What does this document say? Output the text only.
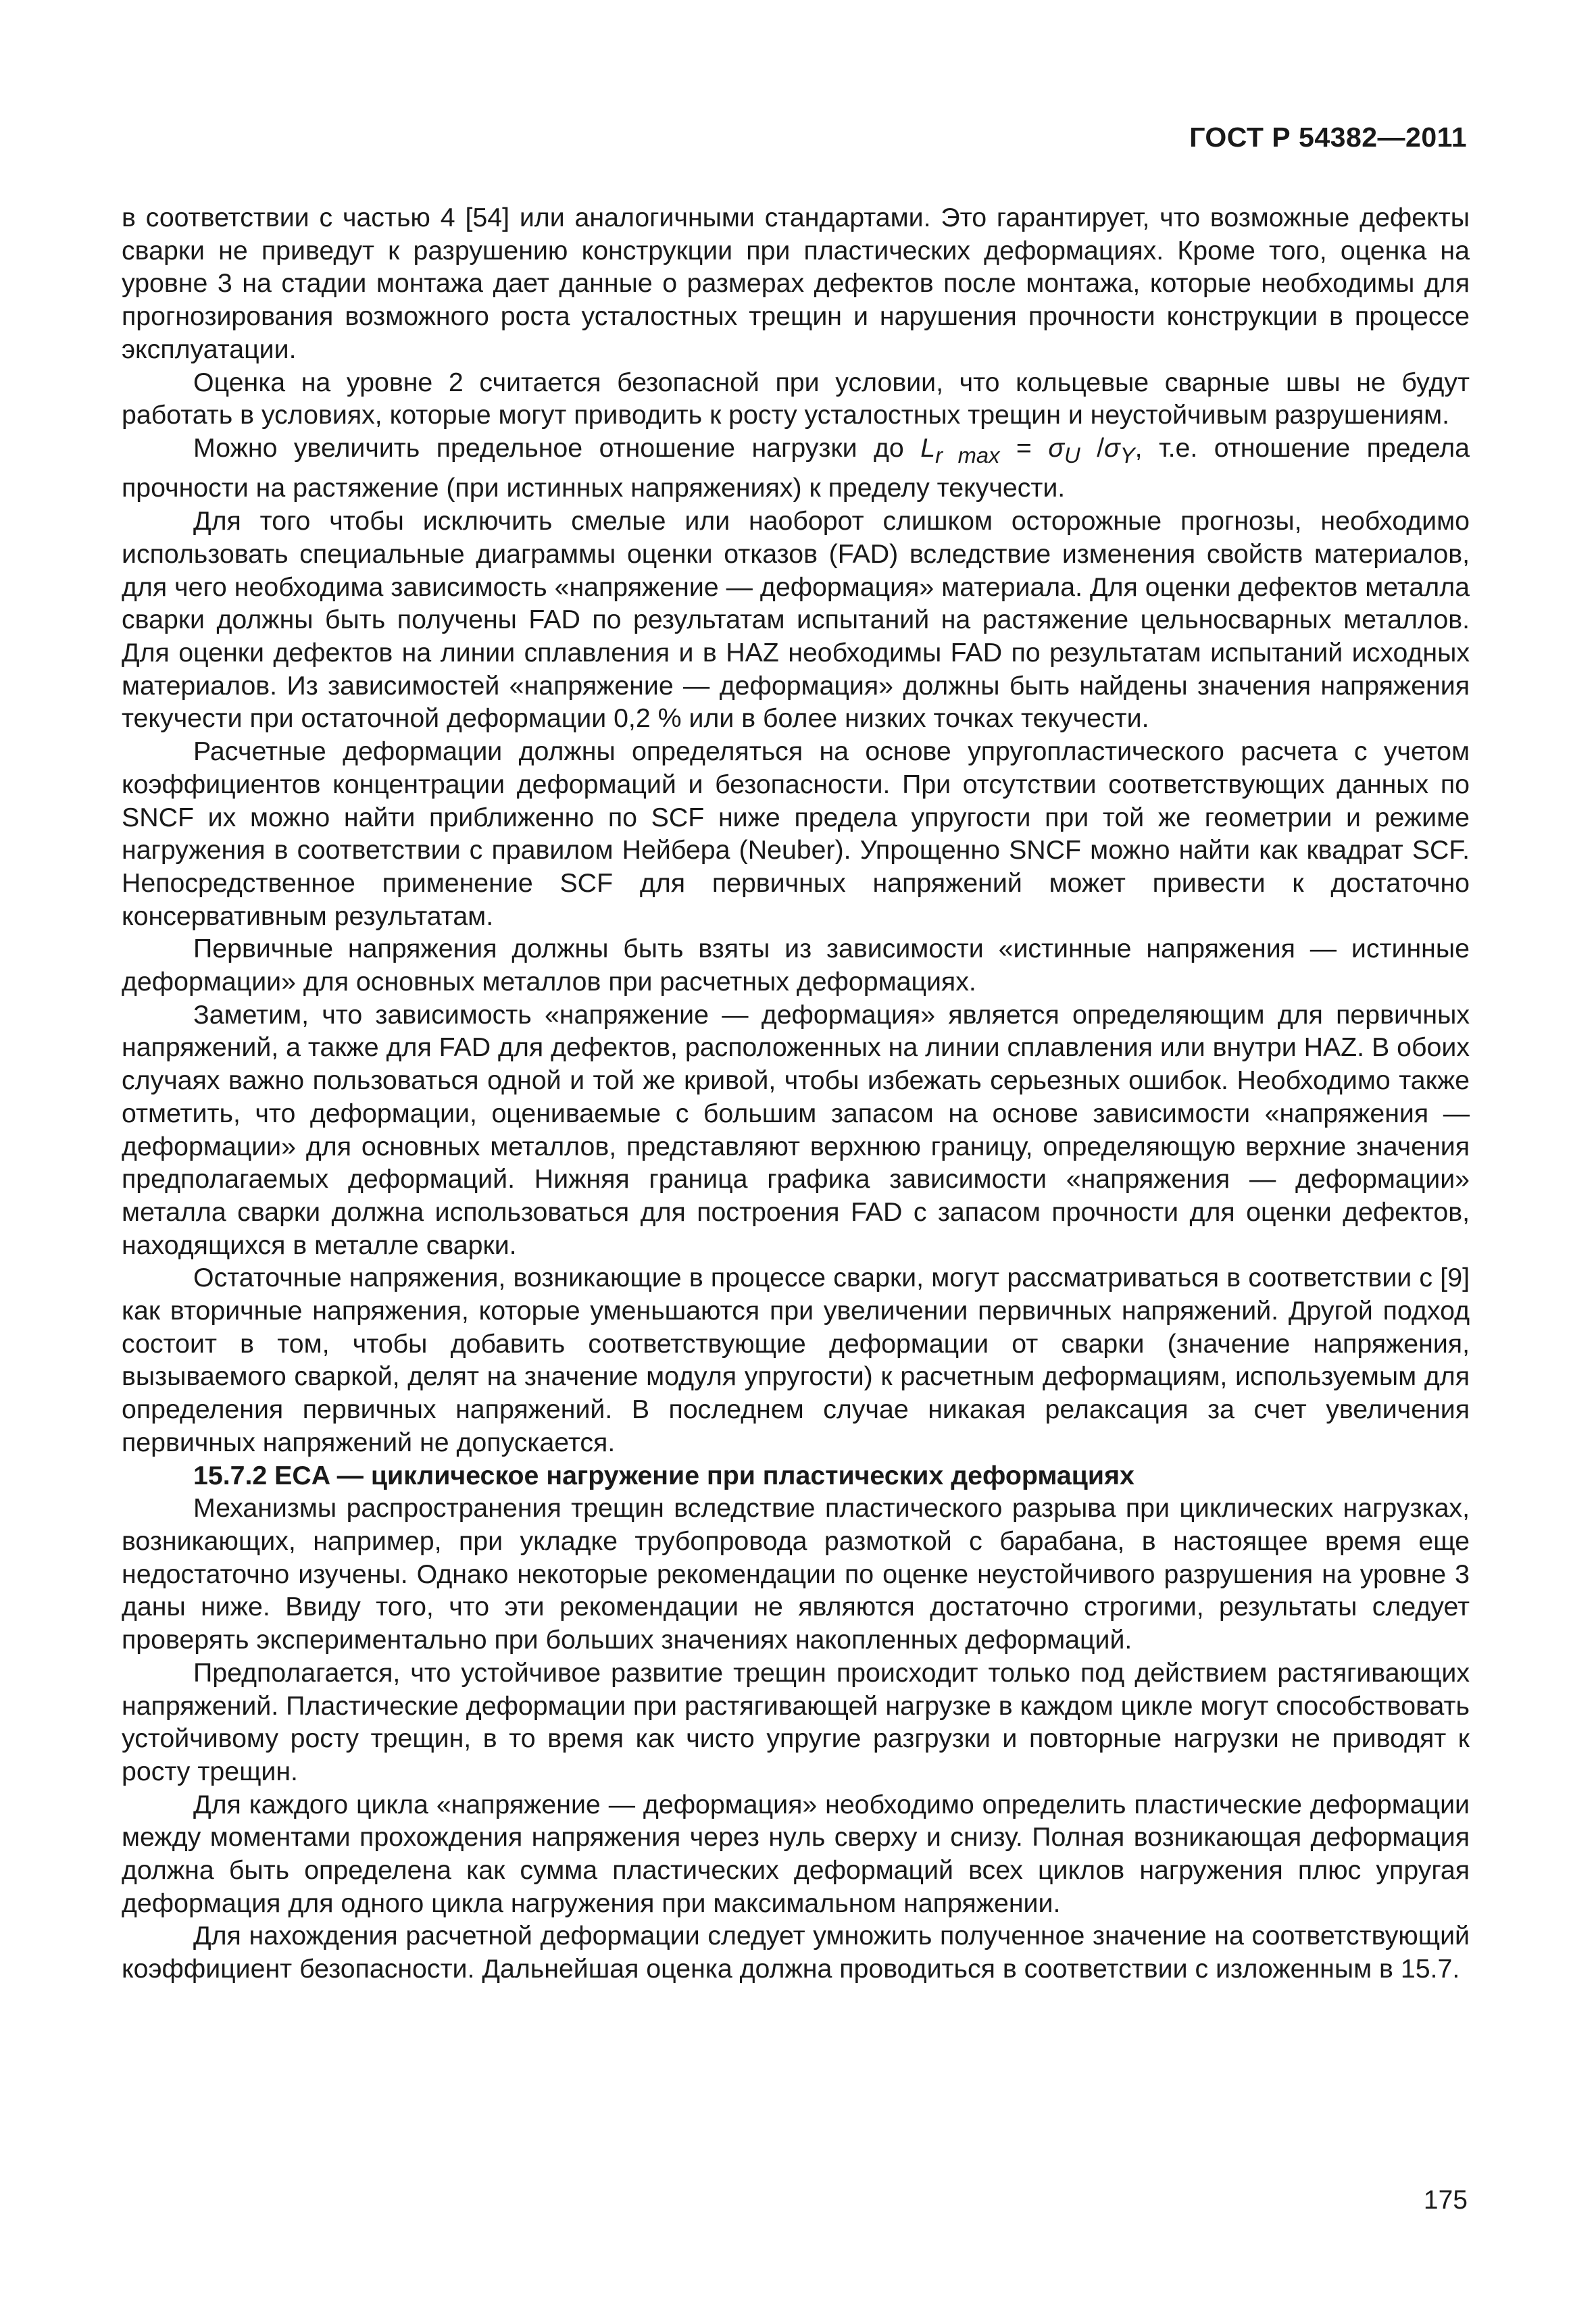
ГОСТ Р 54382—2011

в соответствии с частью 4 [54] или аналогичными стандартами. Это гарантирует, что возможные дефекты сварки не приведут к разрушению конструкции при пластических деформациях. Кроме того, оценка на уровне 3 на стадии монтажа дает данные о размерах дефектов после монтажа, которые необходимы для прогнозирования возможного роста усталостных трещин и нарушения прочности конструкции в процессе эксплуатации.

Оценка на уровне 2 считается безопасной при условии, что кольцевые сварные швы не будут работать в условиях, которые могут приводить к росту усталостных трещин и неустойчивым разрушениям.

Можно увеличить предельное отношение нагрузки до $L_{r max} = \sigma_U$ $/\sigma_Y$, т.е. отношение предела прочности на растяжение (при истинных напряжениях) к пределу текучести.

Для того чтобы исключить смелые или наоборот слишком осторожные прогнозы, необходимо использовать специальные диаграммы оценки отказов (FAD) вследствие изменения свойств материалов, для чего необходима зависимость «напряжение — деформация» материала. Для оценки дефектов металла сварки должны быть получены FAD по результатам испытаний на растяжение цельносварных металлов. Для оценки дефектов на линии сплавления и в HAZ необходимы FAD по результатам испытаний исходных материалов. Из зависимостей «напряжение — деформация» должны быть найдены значения напряжения текучести при остаточной деформации 0,2 % или в более низких точках текучести.

Расчетные деформации должны определяться на основе упругопластического расчета с учетом коэффициентов концентрации деформаций и безопасности. При отсутствии соответствующих данных по SNCF их можно найти приближенно по SCF ниже предела упругости при той же геометрии и режиме нагружения в соответствии с правилом Нейбера (Neuber). Упрощенно SNCF можно найти как квадрат SCF. Непосредственное применение SCF для первичных напряжений может привести к достаточно консервативным результатам.

Первичные напряжения должны быть взяты из зависимости «истинные напряжения — истинные деформации» для основных металлов при расчетных деформациях.

Заметим, что зависимость «напряжение — деформация» является определяющим для первичных напряжений, а также для FAD для дефектов, расположенных на линии сплавления или внутри HAZ. В обоих случаях важно пользоваться одной и той же кривой, чтобы избежать серьезных ошибок. Необходимо также отметить, что деформации, оцениваемые с большим запасом на основе зависимости «напряжения — деформации» для основных металлов, представляют верхнюю границу, определяющую верхние значения предполагаемых деформаций. Нижняя граница графика зависимости «напряжения — деформации» металла сварки должна использоваться для построения FAD с запасом прочности для оценки дефектов, находящихся в металле сварки.

Остаточные напряжения, возникающие в процессе сварки, могут рассматриваться в соответствии с [9] как вторичные напряжения, которые уменьшаются при увеличении первичных напряжений. Другой подход состоит в том, чтобы добавить соответствующие деформации от сварки (значение напряжения, вызываемого сваркой, делят на значение модуля упругости) к расчетным деформациям, используемым для определения первичных напряжений. В последнем случае никакая релаксация за счет увеличения первичных напряжений не допускается.

15.7.2 ECA — циклическое нагружение при пластических деформациях

Механизмы распространения трещин вследствие пластического разрыва при циклических нагрузках, возникающих, например, при укладке трубопровода размоткой с барабана, в настоящее время еще недостаточно изучены. Однако некоторые рекомендации по оценке неустойчивого разрушения на уровне 3 даны ниже. Ввиду того, что эти рекомендации не являются достаточно строгими, результаты следует проверять экспериментально при больших значениях накопленных деформаций.

Предполагается, что устойчивое развитие трещин происходит только под действием растягивающих напряжений. Пластические деформации при растягивающей нагрузке в каждом цикле могут способствовать устойчивому росту трещин, в то время как чисто упругие разгрузки и повторные нагрузки не приводят к росту трещин.

Для каждого цикла «напряжение — деформация» необходимо определить пластические деформации между моментами прохождения напряжения через нуль сверху и снизу. Полная возникающая деформация должна быть определена как сумма пластических деформаций всех циклов нагружения плюс упругая деформация для одного цикла нагружения при максимальном напряжении.

Для нахождения расчетной деформации следует умножить полученное значение на соответствующий коэффициент безопасности. Дальнейшая оценка должна проводиться в соответствии с изложенным в 15.7.

175
